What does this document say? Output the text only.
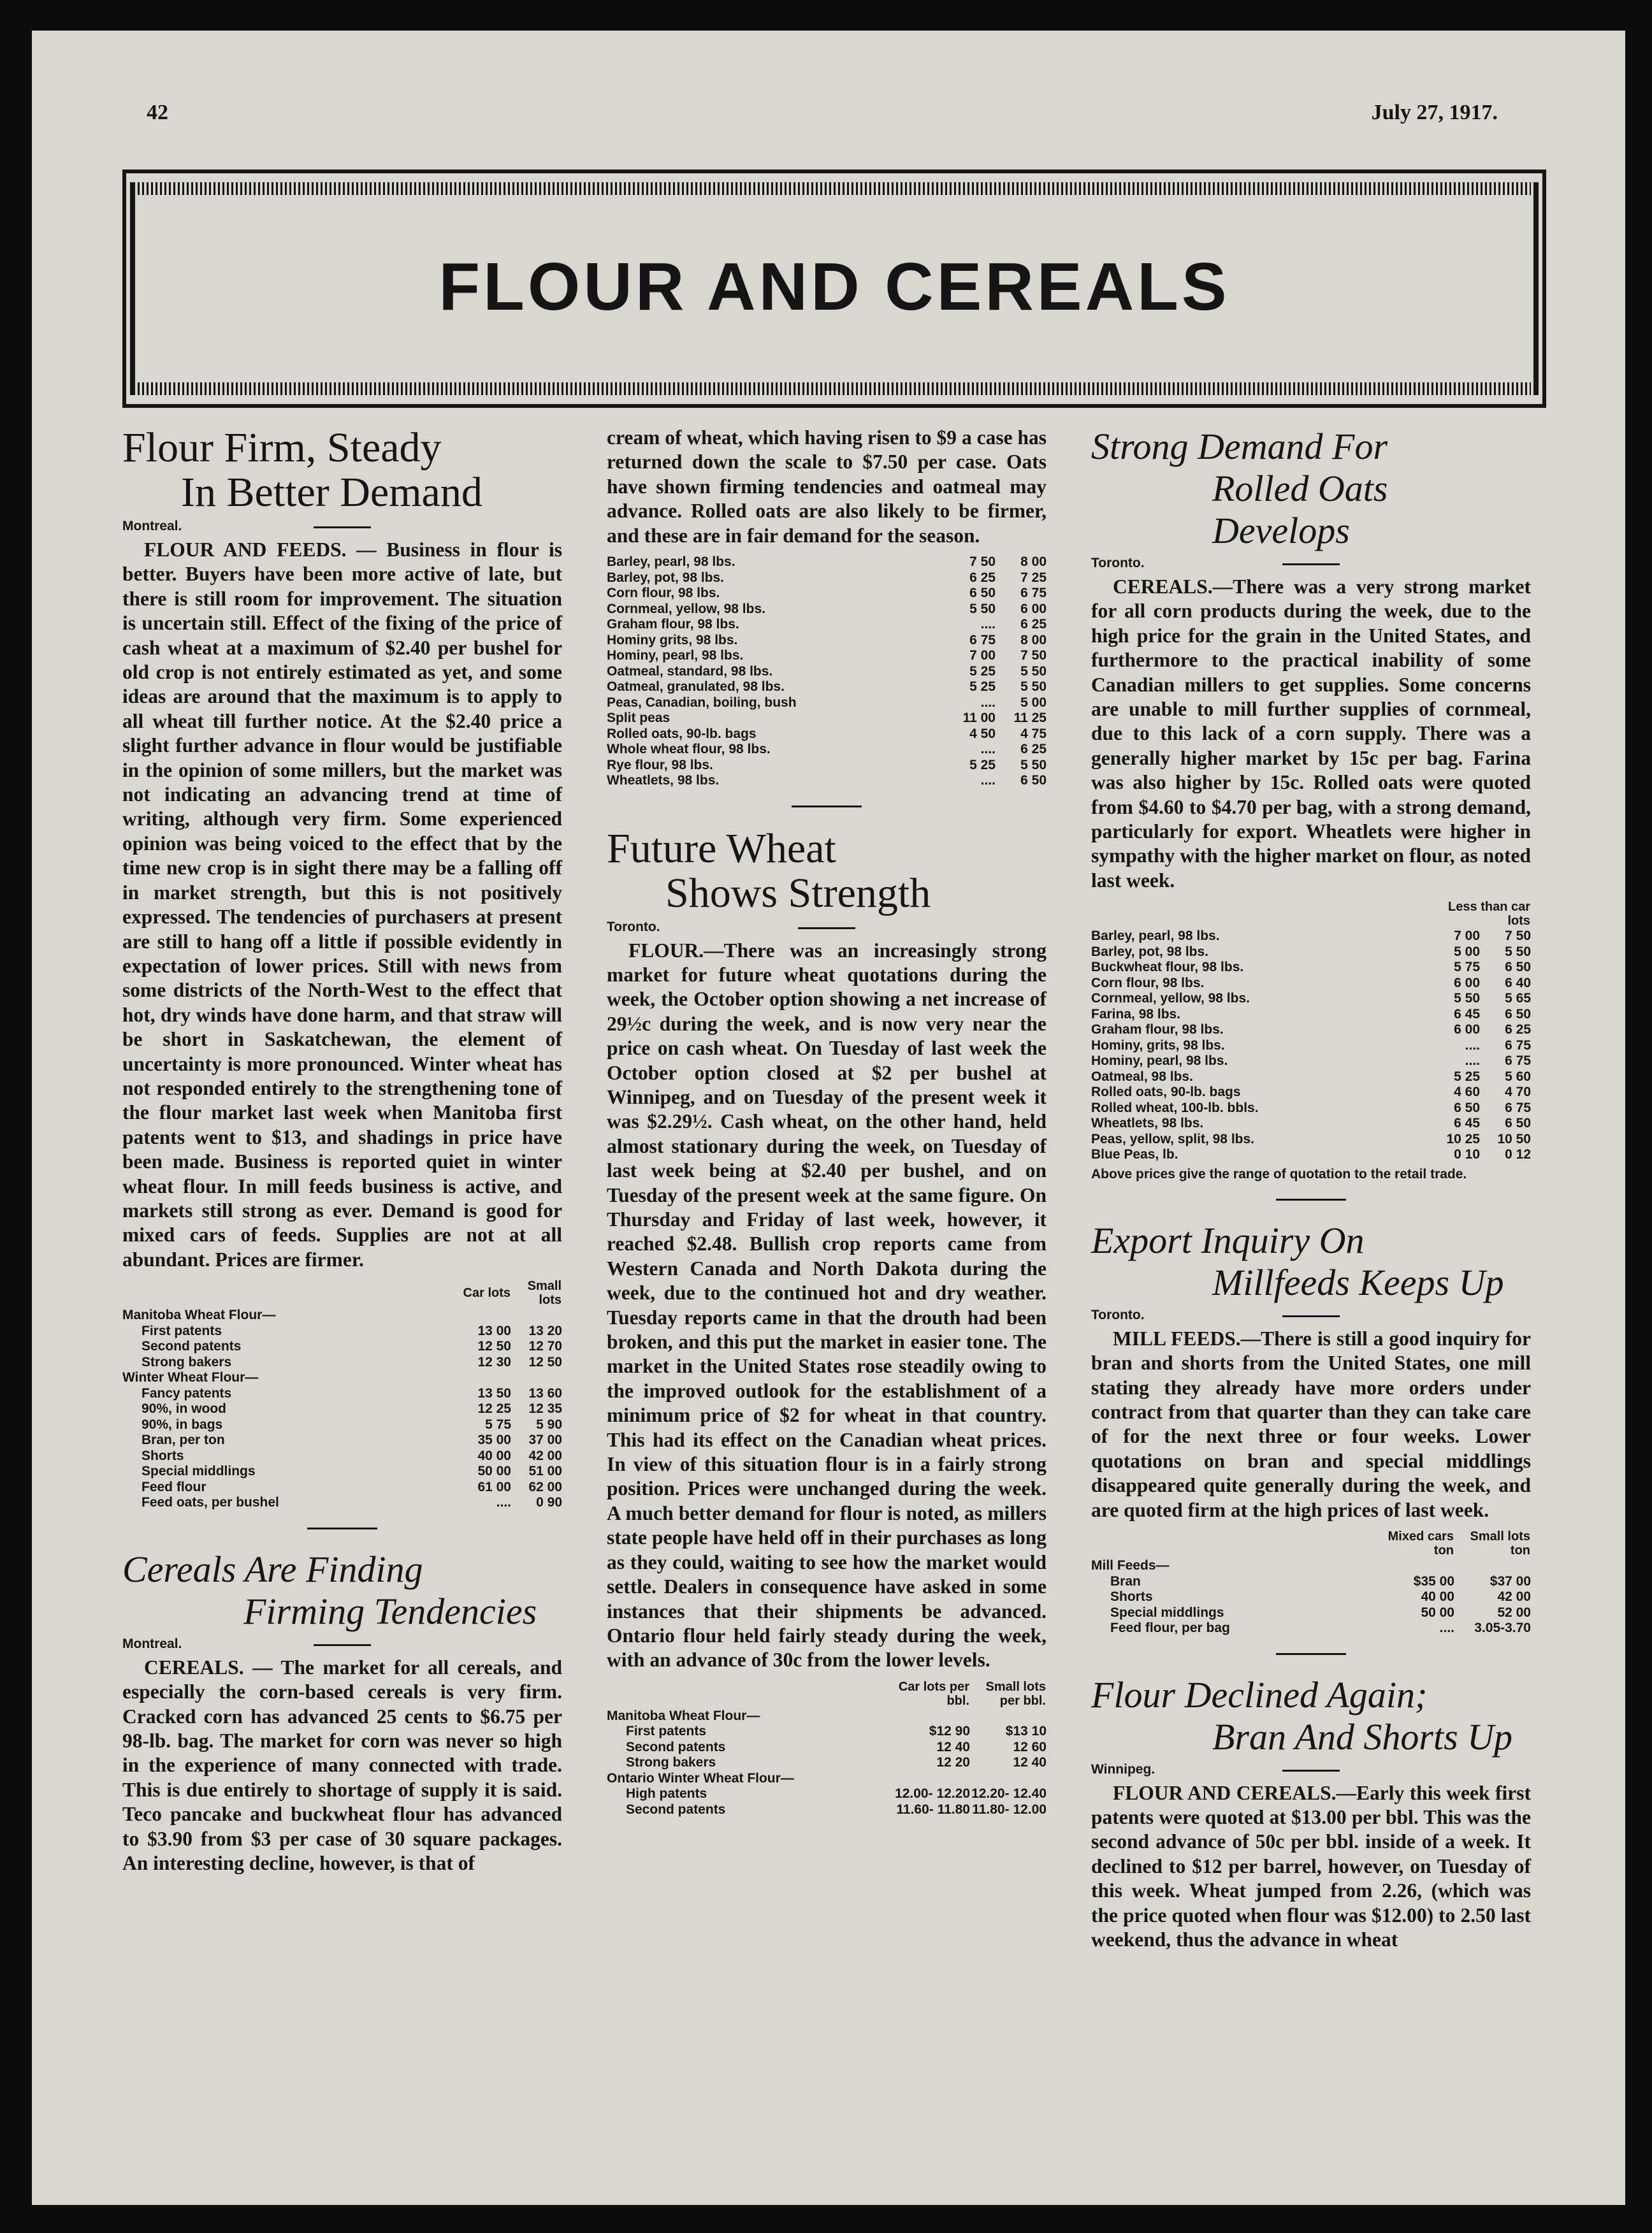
42	July 27, 1917.
FLOUR AND CEREALS
Flour Firm, Steady
In Better Demand
Montreal.

FLOUR AND FEEDS. — Business in flour is better. Buyers have been more active of late, but there is still room for improvement. The situation is uncertain still. Effect of the fixing of the price of cash wheat at a maximum of $2.40 per bushel for old crop is not entirely estimated as yet, and some ideas are around that the maximum is to apply to all wheat till further notice. At the $2.40 price a slight further advance in flour would be justifiable in the opinion of some millers, but the market was not indicating an advancing trend at time of writing, although very firm. Some experienced opinion was being voiced to the effect that by the time new crop is in sight there may be a falling off in market strength, but this is not positively expressed. The tendencies of purchasers at present are still to hang off a little if possible evidently in expectation of lower prices. Still with news from some districts of the North-West to the effect that hot, dry winds have done harm, and that straw will be short in Saskatchewan, the element of uncertainty is more pronounced. Winter wheat has not responded entirely to the strengthening tone of the flour market last week when Manitoba first patents went to $13, and shadings in price have been made. Business is reported quiet in winter wheat flour. In mill feeds business is active, and markets still strong as ever. Demand is good for mixed cars of feeds. Supplies are not at all abundant. Prices are firmer.

	Car lots	Small lots
Manitoba Wheat Flour—		
First patents	13 00	13 20
Second patents	12 50	12 70
Strong bakers	12 30	12 50
Winter Wheat Flour—		
Fancy patents	13 50	13 60
90%, in wood	12 25	12 35
90%, in bags	5 75	5 90
Bran, per ton	35 00	37 00
Shorts	40 00	42 00
Special middlings	50 00	51 00
Feed flour	61 00	62 00
Feed oats, per bushel	....	0 90
Cereals Are Finding
Firming Tendencies
Montreal.

CEREALS. — The market for all cereals, and especially the corn-based cereals is very firm. Cracked corn has advanced 25 cents to $6.75 per 98-lb. bag. The market for corn was never so high in the experience of many connected with trade. This is due entirely to shortage of supply it is said. Teco pancake and buckwheat flour has advanced to $3.90 from $3 per case of 30 square packages. An interesting decline, however, is that of

cream of wheat, which having risen to $9 a case has returned down the scale to $7.50 per case. Oats have shown firming tendencies and oatmeal may advance. Rolled oats are also likely to be firmer, and these are in fair demand for the season.

Barley, pearl, 98 lbs.	7 50	8 00
Barley, pot, 98 lbs.	6 25	7 25
Corn flour, 98 lbs.	6 50	6 75
Cornmeal, yellow, 98 lbs.	5 50	6 00
Graham flour, 98 lbs.	....	6 25
Hominy grits, 98 lbs.	6 75	8 00
Hominy, pearl, 98 lbs.	7 00	7 50
Oatmeal, standard, 98 lbs.	5 25	5 50
Oatmeal, granulated, 98 lbs.	5 25	5 50
Peas, Canadian, boiling, bush	....	5 00
Split peas	11 00	11 25
Rolled oats, 90-lb. bags	4 50	4 75
Whole wheat flour, 98 lbs.	....	6 25
Rye flour, 98 lbs.	5 25	5 50
Wheatlets, 98 lbs.	....	6 50
Future Wheat
Shows Strength
Toronto.

FLOUR.—There was an increasingly strong market for future wheat quotations during the week, the October option showing a net increase of 29½c during the week, and is now very near the price on cash wheat. On Tuesday of last week the October option closed at $2 per bushel at Winnipeg, and on Tuesday of the present week it was $2.29½. Cash wheat, on the other hand, held almost stationary during the week, on Tuesday of last week being at $2.40 per bushel, and on Tuesday of the present week at the same figure. On Thursday and Friday of last week, however, it reached $2.48. Bullish crop reports came from Western Canada and North Dakota during the week, due to the continued hot and dry weather. Tuesday reports came in that the drouth had been broken, and this put the market in easier tone. The market in the United States rose steadily owing to the improved outlook for the establishment of a minimum price of $2 for wheat in that country. This had its effect on the Canadian wheat prices. In view of this situation flour is in a fairly strong position. Prices were unchanged during the week. A much better demand for flour is noted, as millers state people have held off in their purchases as long as they could, waiting to see how the market would settle. Dealers in consequence have asked in some instances that their shipments be advanced. Ontario flour held fairly steady during the week, with an advance of 30c from the lower levels.

	Car lots per bbl.	Small lots per bbl.
Manitoba Wheat Flour—		
First patents	$12 90	$13 10
Second patents	12 40	12 60
Strong bakers	12 20	12 40
Ontario Winter Wheat Flour—		
High patents	12.00- 12.20	12.20- 12.40
Second patents	11.60- 11.80	11.80- 12.00
Strong Demand For
Rolled Oats Develops
Toronto.

CEREALS.—There was a very strong market for all corn products during the week, due to the high price for the grain in the United States, and furthermore to the practical inability of some Canadian millers to get supplies. Some concerns are unable to mill further supplies of cornmeal, due to this lack of a corn supply. There was a generally higher market by 15c per bag. Farina was also higher by 15c. Rolled oats were quoted from $4.60 to $4.70 per bag, with a strong demand, particularly for export. Wheatlets were higher in sympathy with the higher market on flour, as noted last week.

	Less than car lots	
Barley, pearl, 98 lbs.	7 00	7 50
Barley, pot, 98 lbs.	5 00	5 50
Buckwheat flour, 98 lbs.	5 75	6 50
Corn flour, 98 lbs.	6 00	6 40
Cornmeal, yellow, 98 lbs.	5 50	5 65
Farina, 98 lbs.	6 45	6 50
Graham flour, 98 lbs.	6 00	6 25
Hominy, grits, 98 lbs.	....	6 75
Hominy, pearl, 98 lbs.	....	6 75
Oatmeal, 98 lbs.	5 25	5 60
Rolled oats, 90-lb. bags	4 60	4 70
Rolled wheat, 100-lb. bbls.	6 50	6 75
Wheatlets, 98 lbs.	6 45	6 50
Peas, yellow, split, 98 lbs.	10 25	10 50
Blue Peas, lb.	0 10	0 12
Above prices give the range of quotation to the retail trade.
Export Inquiry On
Millfeeds Keeps Up
Toronto.

MILL FEEDS.—There is still a good inquiry for bran and shorts from the United States, one mill stating they already have more orders under contract from that quarter than they can take care of for the next three or four weeks. Lower quotations on bran and special middlings disappeared quite generally during the week, and are quoted firm at the high prices of last week.

	Mixed cars ton	Small lots ton
Mill Feeds—		
Bran	$35 00	$37 00
Shorts	40 00	42 00
Special middlings	50 00	52 00
Feed flour, per bag	....	3.05-3.70
Flour Declined Again;
Bran And Shorts Up
Winnipeg.

FLOUR AND CEREALS.—Early this week first patents were quoted at $13.00 per bbl. This was the second advance of 50c per bbl. inside of a week. It declined to $12 per barrel, however, on Tuesday of this week. Wheat jumped from 2.26, (which was the price quoted when flour was $12.00) to 2.50 last weekend, thus the advance in wheat
